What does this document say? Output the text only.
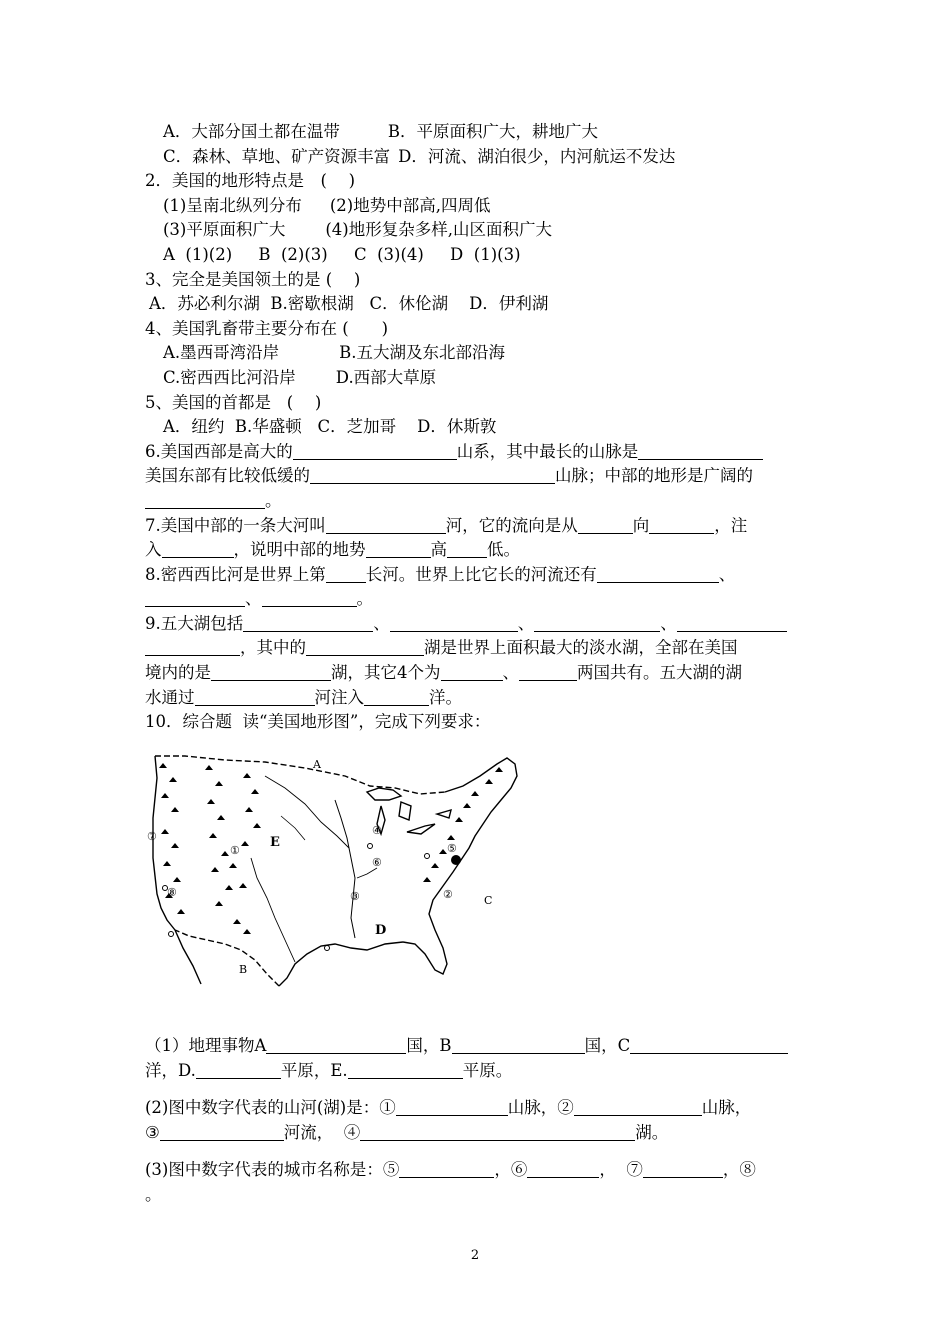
A．大部分国土都在温带	B．平原面积广大，耕地广大
C．森林、草地、矿产资源丰富 D．河流、湖泊很少，内河航运不发达
2．美国的地形特点是　(　 )
(1)呈南北纵列分布 (2)地势中部高,四周低
(3)平原面积广大 (4)地形复杂多样,山区面积广大
A  (1)(2)     B  (2)(3)     C  (3)(4)     D  (1)(3)
3、完全是美国领土的是 (　 )
A．苏必利尔湖  B.密歇根湖   C．休伦湖    D．伊利湖
4、美国乳畜带主要分布在 (　　)
A.墨西哥湾沿岸	B.五大湖及东北部沿海
C.密西西比河沿岸 D.西部大草原
5、美国的首都是   (　 )
A．纽约  B.华盛顿   C．芝加哥    D．休斯敦
6.美国西部是高大的	山系，其中最长的山脉是
美国东部有比较低缓的	山脉；中部的地形是广阔的
。
7.美国中部的一条大河叫	河，它的流向是从	向	，注
入	，说明中部的地势	高 低。
8.密西西比河是世界上第 长河。世界上比它长的河流还有	、
、	。
9.五大湖包括	、	、	、
，其中的	湖是世界上面积最大的淡水湖，全部在美国
境内的是	湖，其它4个为	、	两国共有。五大湖的湖
水通过	河注入	洋。
10．综合题  读“美国地形图”，完成下列要求：
A
B
C
D
E
①
②
③
④
⑤
⑥
⑦
⑧
（1）地理事物A	国，B	国，C
洋，D.	平原，E.	平原。
(2)图中数字代表的山河(湖)是：①	山脉，②	山脉，
③	河流，  ④	湖。
(3)图中数字代表的城市名称是：⑤	，⑥	，  ⑦	，⑧
。
2
